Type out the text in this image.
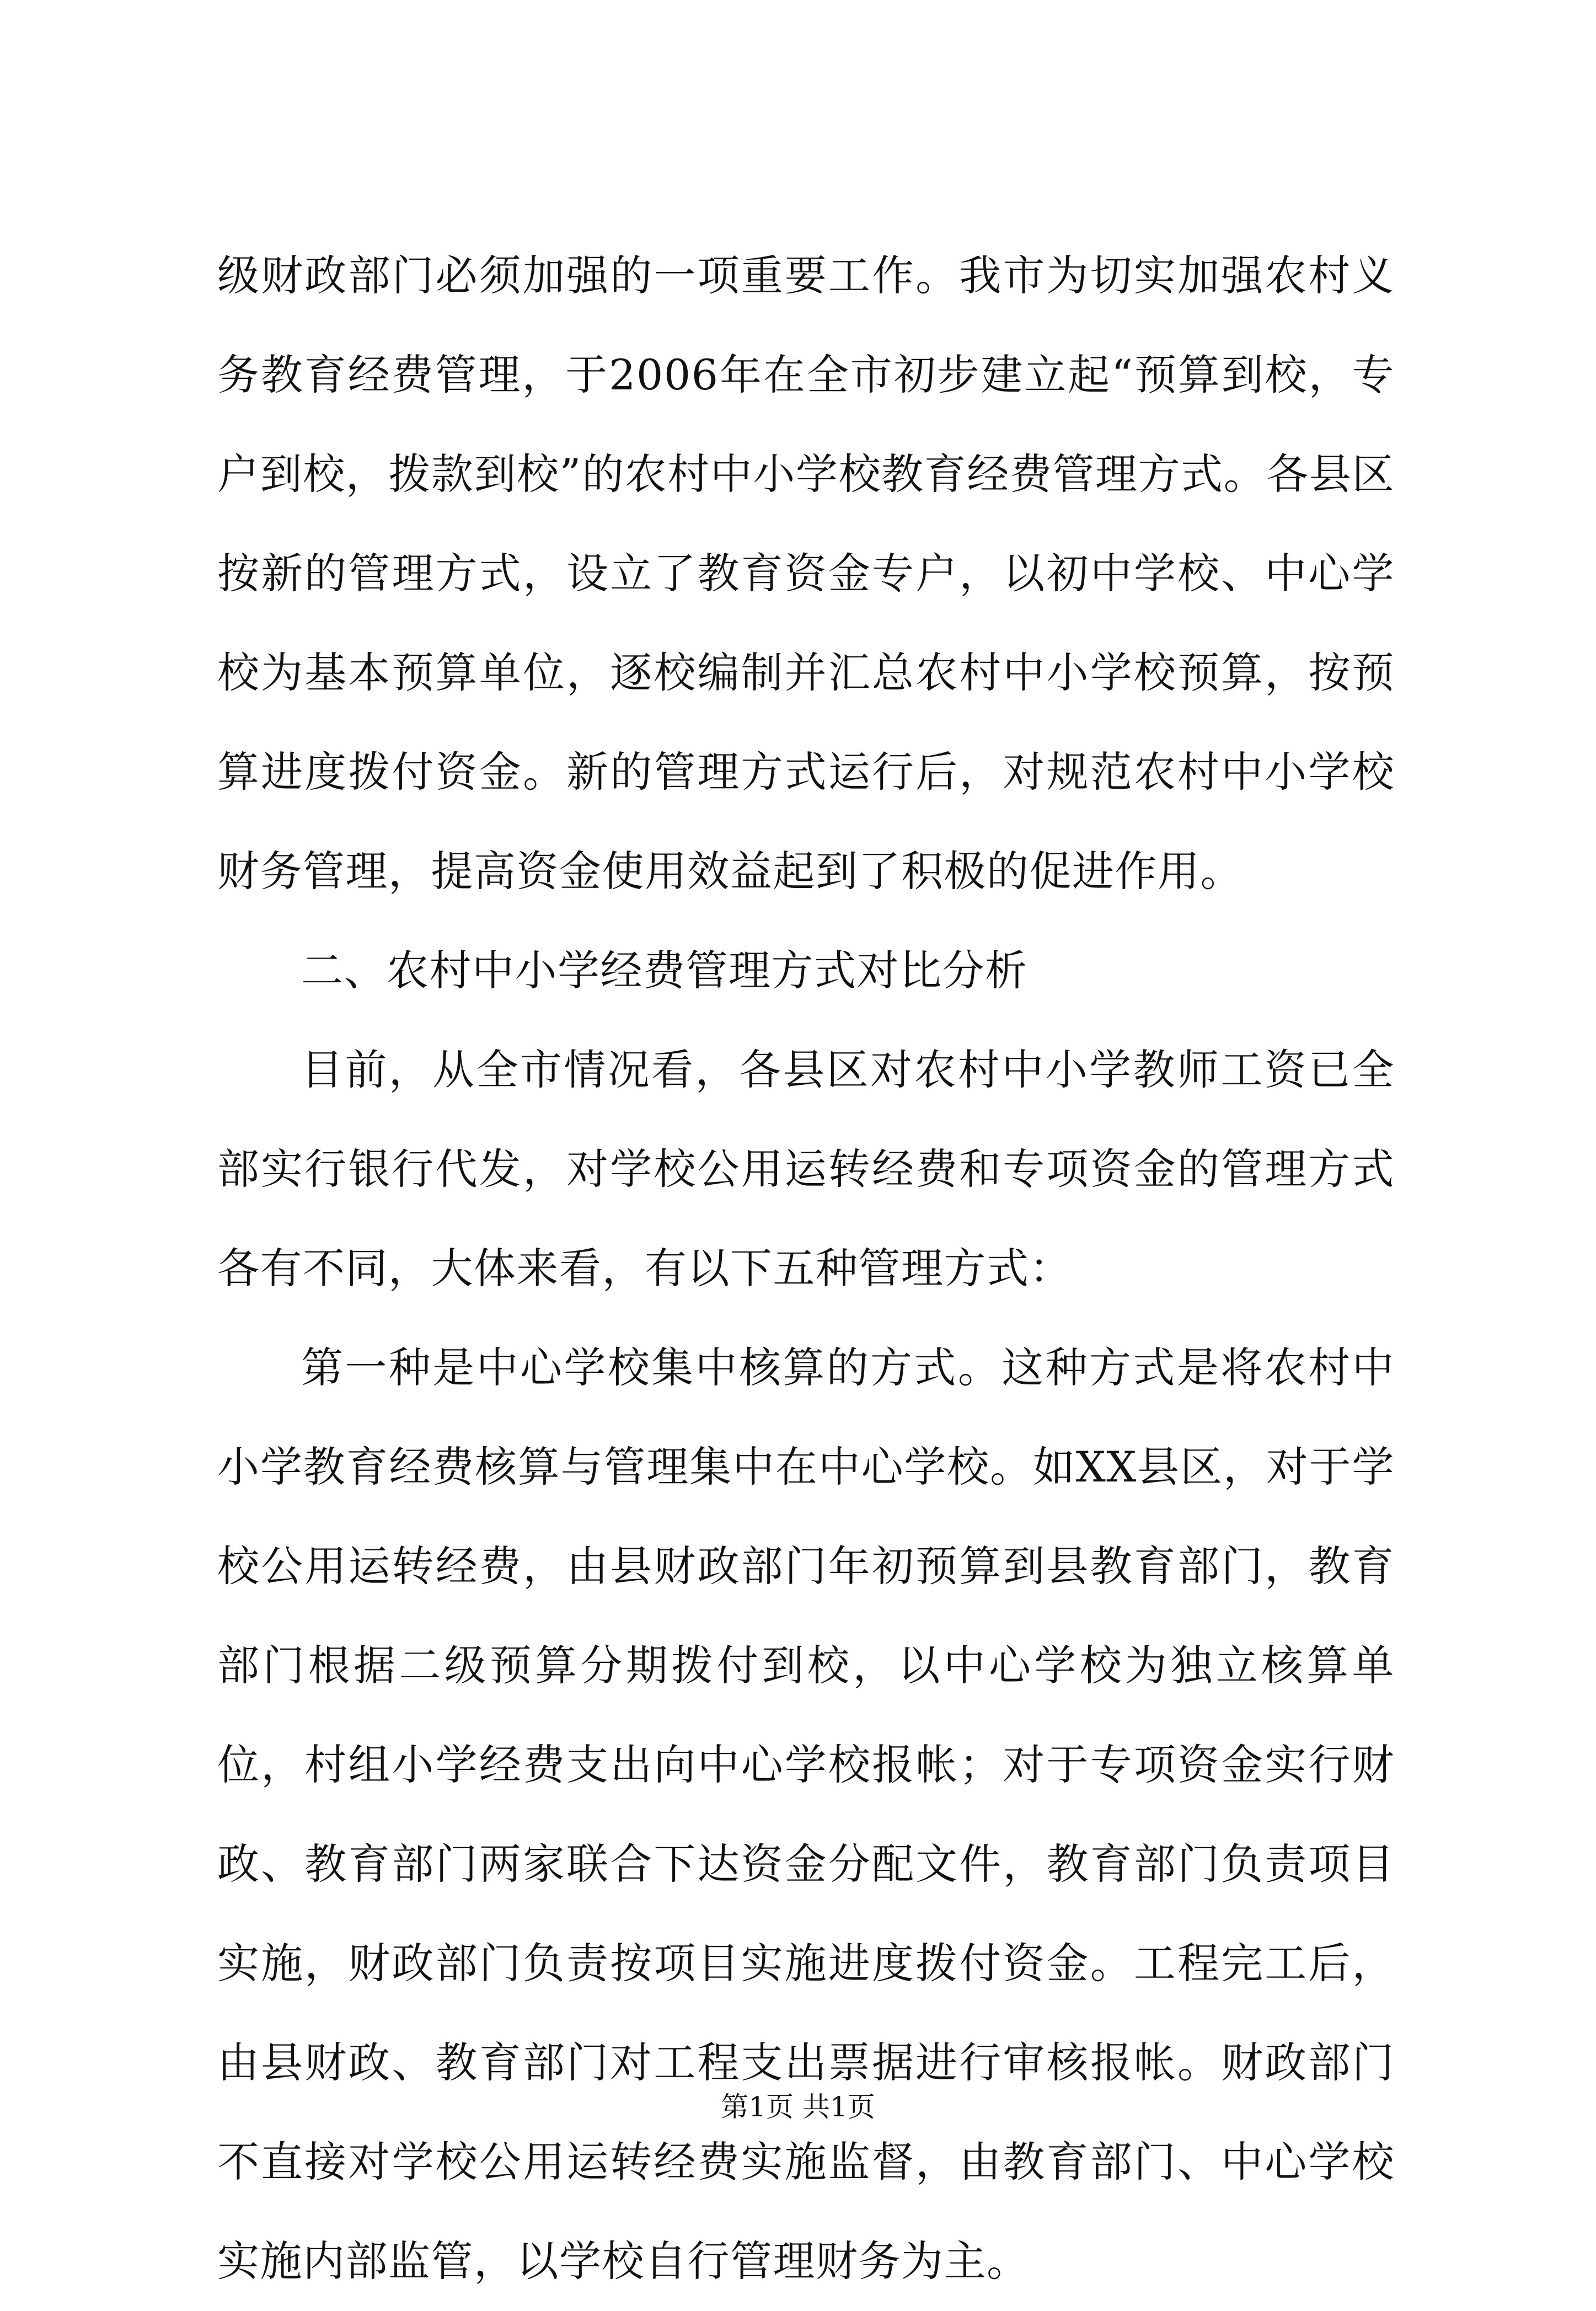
级财政部门必须加强的一项重要工作。我市为切实加强农村义务教育经费管理，于2006年在全市初步建立起“预算到校，专户到校，拨款到校”的农村中小学校教育经费管理方式。各县区按新的管理方式，设立了教育资金专户，以初中学校、中心学校为基本预算单位，逐校编制并汇总农村中小学校预算，按预算进度拨付资金。新的管理方式运行后，对规范农村中小学校财务管理，提高资金使用效益起到了积极的促进作用。

二、农村中小学经费管理方式对比分析

目前，从全市情况看，各县区对农村中小学教师工资已全部实行银行代发，对学校公用运转经费和专项资金的管理方式各有不同，大体来看，有以下五种管理方式：

第一种是中心学校集中核算的方式。这种方式是将农村中小学教育经费核算与管理集中在中心学校。如XX县区，对于学校公用运转经费，由县财政部门年初预算到县教育部门，教育部门根据二级预算分期拨付到校，以中心学校为独立核算单位，村组小学经费支出向中心学校报帐；对于专项资金实行财政、教育部门两家联合下达资金分配文件，教育部门负责项目实施，财政部门负责按项目实施进度拨付资金。工程完工后，由县财政、教育部门对工程支出票据进行审核报帐。财政部门不直接对学校公用运转经费实施监督，由教育部门、中心学校实施内部监管，以学校自行管理财务为主。

第1页 共1页
